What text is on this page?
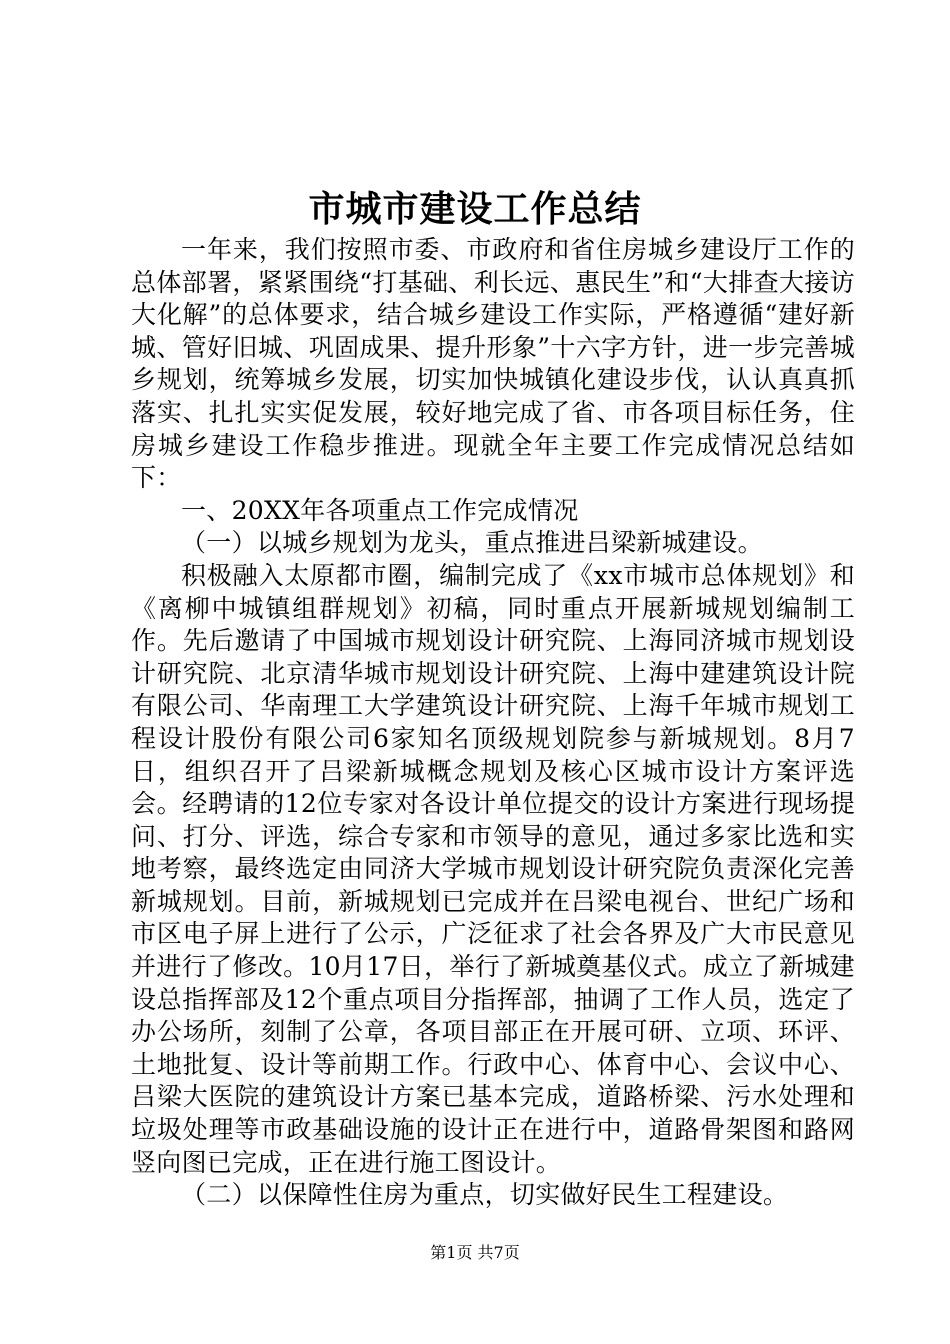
市城市建设工作总结

一年来，我们按照市委、市政府和省住房城乡建设厅工作的总体部署，紧紧围绕“打基础、利长远、惠民生”和“大排查大接访大化解”的总体要求，结合城乡建设工作实际，严格遵循“建好新城、管好旧城、巩固成果、提升形象”十六字方针，进一步完善城乡规划，统筹城乡发展，切实加快城镇化建设步伐，认认真真抓落实、扎扎实实促发展，较好地完成了省、市各项目标任务，住房城乡建设工作稳步推进。现就全年主要工作完成情况总结如下：

一、20XX年各项重点工作完成情况

（一）以城乡规划为龙头，重点推进吕梁新城建设。

积极融入太原都市圈，编制完成了《xx市城市总体规划》和《离柳中城镇组群规划》初稿，同时重点开展新城规划编制工作。先后邀请了中国城市规划设计研究院、上海同济城市规划设计研究院、北京清华城市规划设计研究院、上海中建建筑设计院有限公司、华南理工大学建筑设计研究院、上海千年城市规划工程设计股份有限公司6家知名顶级规划院参与新城规划。8月7日，组织召开了吕梁新城概念规划及核心区城市设计方案评选会。经聘请的12位专家对各设计单位提交的设计方案进行现场提问、打分、评选，综合专家和市领导的意见，通过多家比选和实地考察，最终选定由同济大学城市规划设计研究院负责深化完善新城规划。目前，新城规划已完成并在吕梁电视台、世纪广场和市区电子屏上进行了公示，广泛征求了社会各界及广大市民意见并进行了修改。10月17日，举行了新城奠基仪式。成立了新城建设总指挥部及12个重点项目分指挥部，抽调了工作人员，选定了办公场所，刻制了公章，各项目部正在开展可研、立项、环评、土地批复、设计等前期工作。行政中心、体育中心、会议中心、吕梁大医院的建筑设计方案已基本完成，道路桥梁、污水处理和垃圾处理等市政基础设施的设计正在进行中，道路骨架图和路网竖向图已完成，正在进行施工图设计。

（二）以保障性住房为重点，切实做好民生工程建设。

第1页 共7页
